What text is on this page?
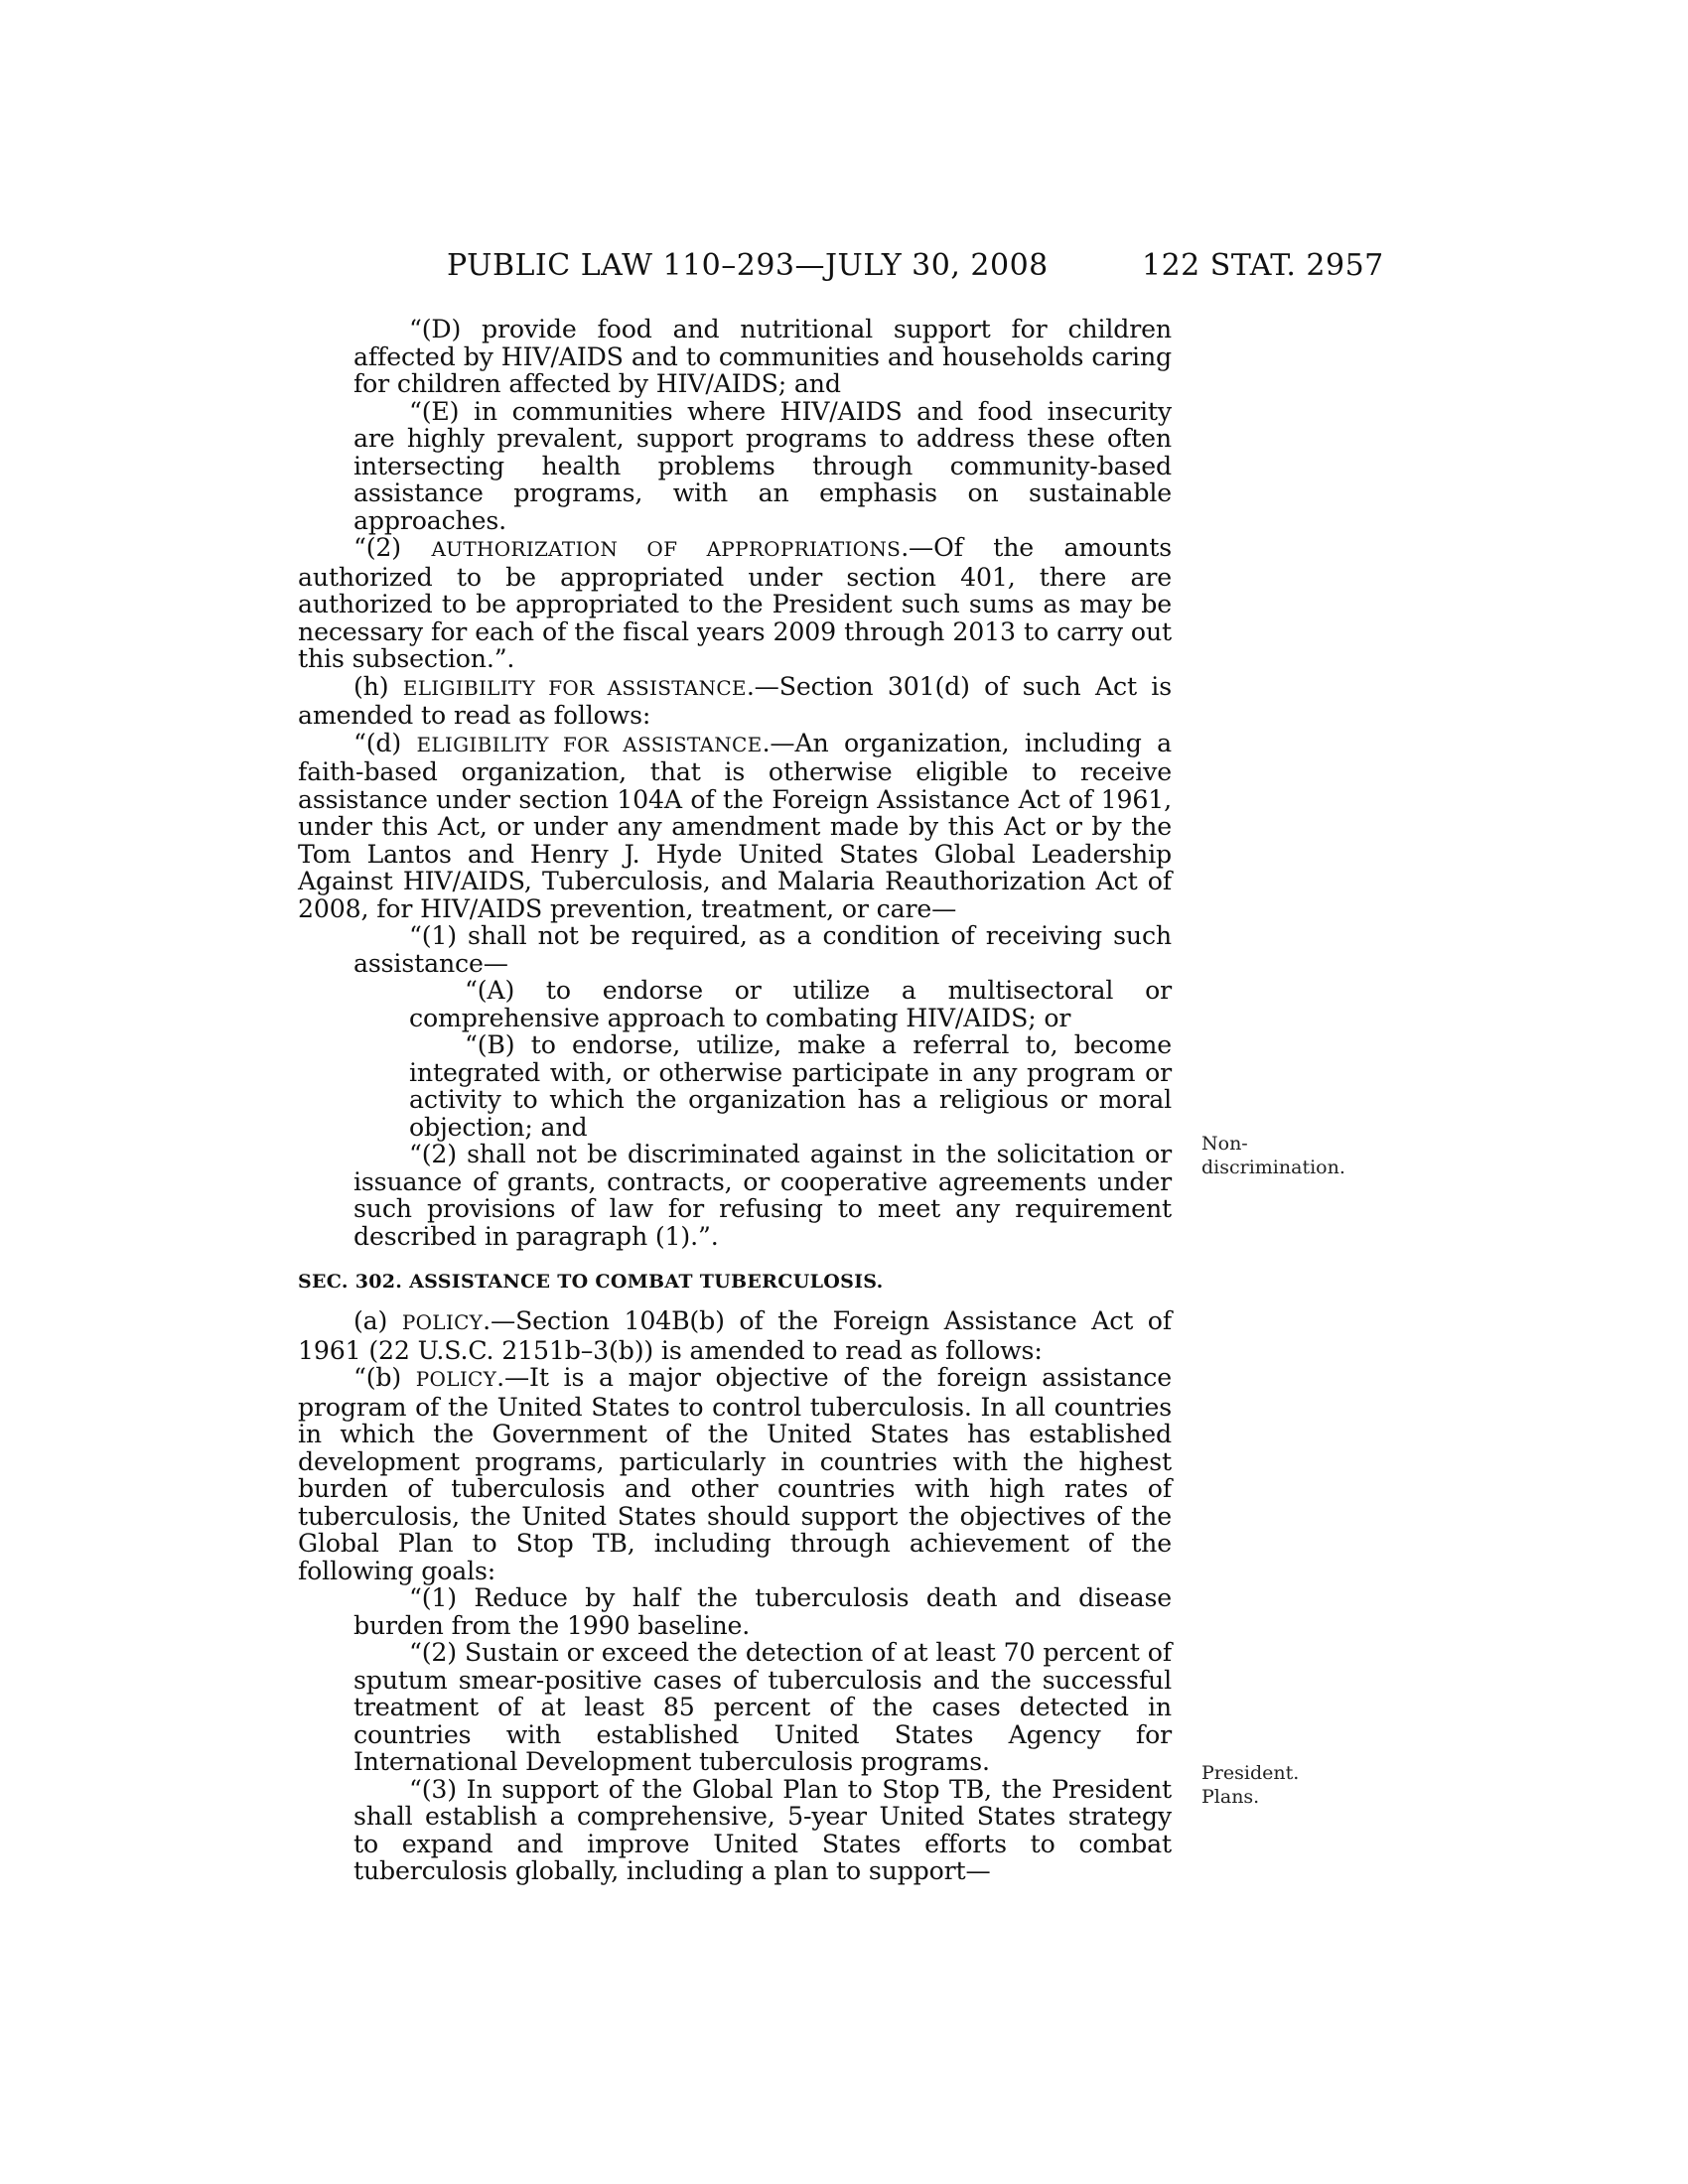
PUBLIC LAW 110–293—JULY 30, 2008	122 STAT. 2957

“(D) provide food and nutritional support for children affected by HIV/AIDS and to communities and households caring for children affected by HIV/AIDS; and

“(E) in communities where HIV/AIDS and food insecurity are highly prevalent, support programs to address these often intersecting health problems through community-based assistance programs, with an emphasis on sustainable approaches.

“(2) AUTHORIZATION OF APPROPRIATIONS.—Of the amounts authorized to be appropriated under section 401, there are authorized to be appropriated to the President such sums as may be necessary for each of the fiscal years 2009 through 2013 to carry out this subsection.”.

(h) ELIGIBILITY FOR ASSISTANCE.—Section 301(d) of such Act is amended to read as follows:

“(d) ELIGIBILITY FOR ASSISTANCE.—An organization, including a faith-based organization, that is otherwise eligible to receive assistance under section 104A of the Foreign Assistance Act of 1961, under this Act, or under any amendment made by this Act or by the Tom Lantos and Henry J. Hyde United States Global Leadership Against HIV/AIDS, Tuberculosis, and Malaria Reauthorization Act of 2008, for HIV/AIDS prevention, treatment, or care—

“(1) shall not be required, as a condition of receiving such assistance—

“(A) to endorse or utilize a multisectoral or comprehensive approach to combating HIV/AIDS; or

“(B) to endorse, utilize, make a referral to, become integrated with, or otherwise participate in any program or activity to which the organization has a religious or moral objection; and

“(2) shall not be discriminated against in the solicitation or issuance of grants, contracts, or cooperative agreements under such provisions of law for refusing to meet any requirement described in paragraph (1).”.

SEC. 302. ASSISTANCE TO COMBAT TUBERCULOSIS.

(a) POLICY.—Section 104B(b) of the Foreign Assistance Act of 1961 (22 U.S.C. 2151b–3(b)) is amended to read as follows:

“(b) POLICY.—It is a major objective of the foreign assistance program of the United States to control tuberculosis. In all countries in which the Government of the United States has established development programs, particularly in countries with the highest burden of tuberculosis and other countries with high rates of tuberculosis, the United States should support the objectives of the Global Plan to Stop TB, including through achievement of the following goals:

“(1) Reduce by half the tuberculosis death and disease burden from the 1990 baseline.

“(2) Sustain or exceed the detection of at least 70 percent of sputum smear-positive cases of tuberculosis and the successful treatment of at least 85 percent of the cases detected in countries with established United States Agency for International Development tuberculosis programs.

“(3) In support of the Global Plan to Stop TB, the President shall establish a comprehensive, 5-year United States strategy to expand and improve United States efforts to combat tuberculosis globally, including a plan to support—

Non-
discrimination.
President.
Plans.
